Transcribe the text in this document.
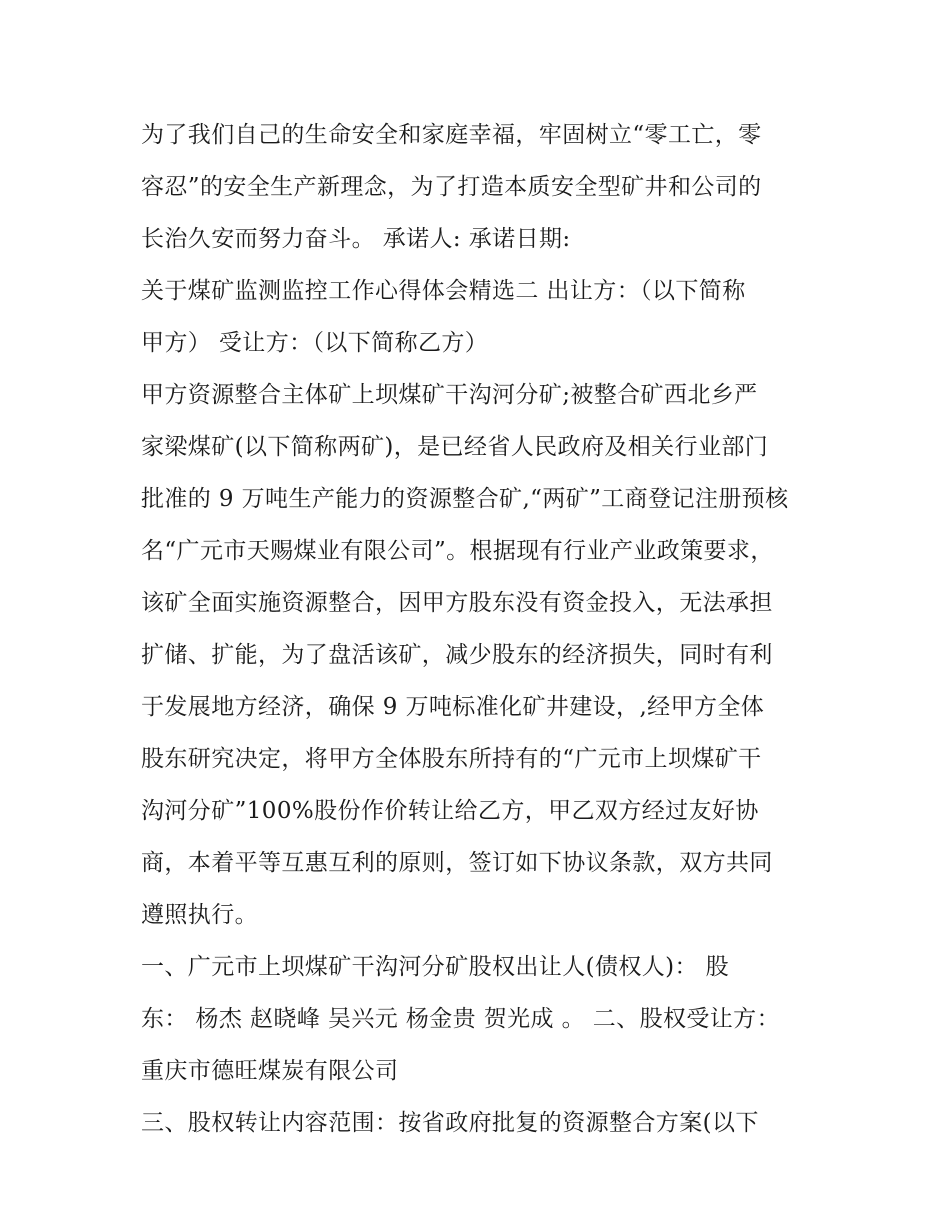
为了我们自己的生命安全和家庭幸福，牢固树立“零工亡，零
容忍”的安全生产新理念，为了打造本质安全型矿井和公司的
长治久安而努力奋斗。 承诺人: 承诺日期:
关于煤矿监测监控工作心得体会精选二 出让方：（以下简称
甲方） 受让方：（以下简称乙方）
甲方资源整合主体矿上坝煤矿干沟河分矿;被整合矿西北乡严
家梁煤矿(以下简称两矿)，是已经省人民政府及相关行业部门
批准的 9 万吨生产能力的资源整合矿,“两矿”工商登记注册预核
名“广元市天赐煤业有限公司”。根据现有行业产业政策要求，
该矿全面实施资源整合，因甲方股东没有资金投入，无法承担
扩储、扩能，为了盘活该矿，减少股东的经济损失，同时有利
于发展地方经济，确保 9 万吨标准化矿井建设，,经甲方全体
股东研究决定，将甲方全体股东所持有的“广元市上坝煤矿干
沟河分矿”100%股份作价转让给乙方，甲乙双方经过友好协
商，本着平等互惠互利的原则，签订如下协议条款，双方共同
遵照执行。
一、广元市上坝煤矿干沟河分矿股权出让人(债权人)： 股
东： 杨杰 赵晓峰 吴兴元 杨金贵 贺光成 。 二、股权受让方：
重庆市德旺煤炭有限公司
三、股权转让内容范围：按省政府批复的资源整合方案(以下
